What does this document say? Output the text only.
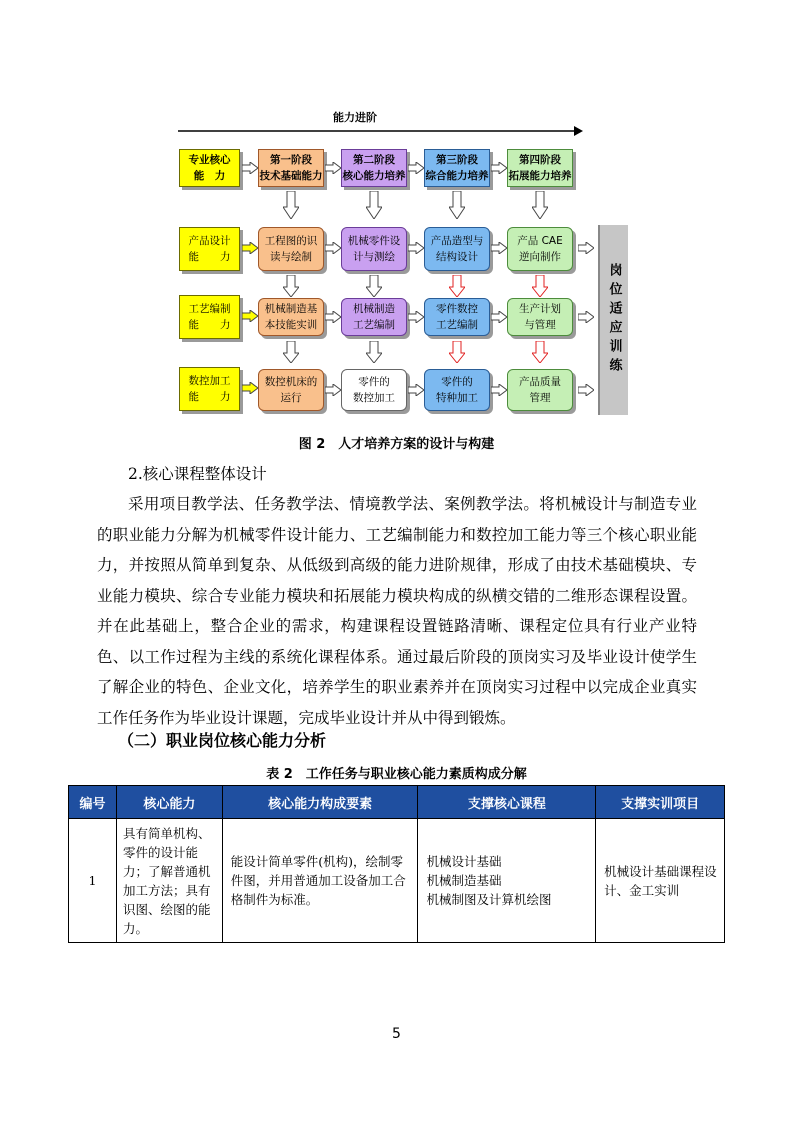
能力进阶
专业核心
能　力
第一阶段
技术基础能力
第二阶段
核心能力培养
第三阶段
综合能力培养
第四阶段
拓展能力培养
产品设计
能　　力
工程图的识
读与绘制
机械零件设
计与测绘
产品造型与
结构设计
产品 CAE
逆向制作
工艺编制
能　　力
机械制造基
本技能实训
机械制造
工艺编制
零件数控
工艺编制
生产计划
与管理
数控加工
能　　力
数控机床的
运行
零件的
数控加工
零件的
特种加工
产品质量
管理
岗位适应训练
图 2　人才培养方案的设计与构建
2.核心课程整体设计
采用项目教学法、任务教学法、情境教学法、案例教学法。将机械设计与制造专业的职业能力分解为机械零件设计能力、工艺编制能力和数控加工能力等三个核心职业能力，并按照从简单到复杂、从低级到高级的能力进阶规律，形成了由技术基础模块、专业能力模块、综合专业能力模块和拓展能力模块构成的纵横交错的二维形态课程设置。并在此基础上，整合企业的需求，构建课程设置链路清晰、课程定位具有行业产业特色、以工作过程为主线的系统化课程体系。通过最后阶段的顶岗实习及毕业设计使学生了解企业的特色、企业文化，培养学生的职业素养并在顶岗实习过程中以完成企业真实工作任务作为毕业设计课题，完成毕业设计并从中得到锻炼。
（二）职业岗位核心能力分析
表 2　工作任务与职业核心能力素质构成分解
编号	核心能力	核心能力构成要素	支撑核心课程	支撑实训项目
1	具有简单机构、零件的设计能力；了解普通机加工方法；具有识图、绘图的能力。	能设计简单零件(机构)，绘制零件图，并用普通加工设备加工合格制件为标准。	机械设计基础
机械制造基础
机械制图及计算机绘图	机械设计基础课程设计、金工实训
5
